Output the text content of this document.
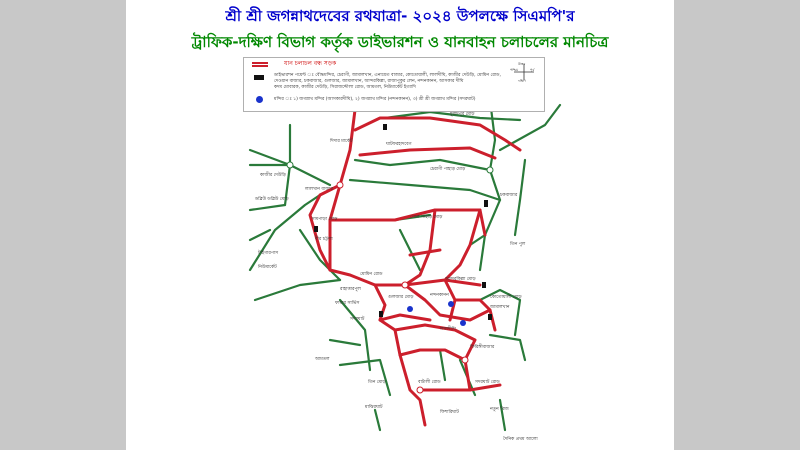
শ্রী শ্রী জগন্নাথদেবের রথযাত্রা- ২০২৪ উপলক্ষে সিএমপি'র
ট্রাফিক-দক্ষিণ বিভাগ কর্তৃক ডাইভারশন ও যানবাহন চলাচলের মানচিত্র
দিদার মার্কেট
মুরাদপুর মোড়
ঘাটফরহাদবেগ
চেরাগী পাহাড় মোড়
কাজীর দেউড়ি
ডব্লিউ ডব্লিউ মোড়
লালখান বাজার
দামপাড়া মোড়	গোল পাহাড় মোড়
চকবাজার
তিন পুল
বীর চট্টলা
টাইগারপাস
নিউমার্কেট
আন্দরকিল্লা মোড়
কোতোয়ালী মোড়
জামালখান
মোমিন রোড
রাহাত্তারপুল
ফায়ার সার্ভিস
গুলজার মোড়
সদরঘাট
নন্দনকানন
লালদীঘি
ফিরিঙ্গীবাজার
আমতল
তিন মোড়	বাটালী রোড	সদরঘাট রোড
মাঝিরঘাট
ফিশারিঘাট
নতুন ব্রিজ
দৈনিক প্রথম আলো
যান চলাচল বন্ধ সড়ক
ডাইভারশন পয়েন্ট ঃ বৌদ্ধমন্দির, চেরাগী, জামালখান, এনায়েত বাজার, কোতোয়ালী, লালদীঘি, কাজীর দেউড়ি, মোমিন রোড,
দেওয়ান বাজার, চকবাজার, গুলজার, জামালখান, আন্দরকিল্লা, রাজাপুকুর লেন, নন্দনকানন, আসকার দীঘি
কদম মোবারক, কাজীর দেউড়ি, সিরাজদ্দৌলা রোড, আমতল, নিউমার্কেট ইত্যাদি
মন্দির ঃ ১) জগন্নাথ মন্দির (আসকারদীঘি), ২) জগন্নাথ মন্দির (নন্দনকানন), ৩) শ্রী শ্রী জগন্নাথ মন্দির (সদরঘাট)
উত্তর
দক্ষিণ
পশ্চিম	পূর্ব
